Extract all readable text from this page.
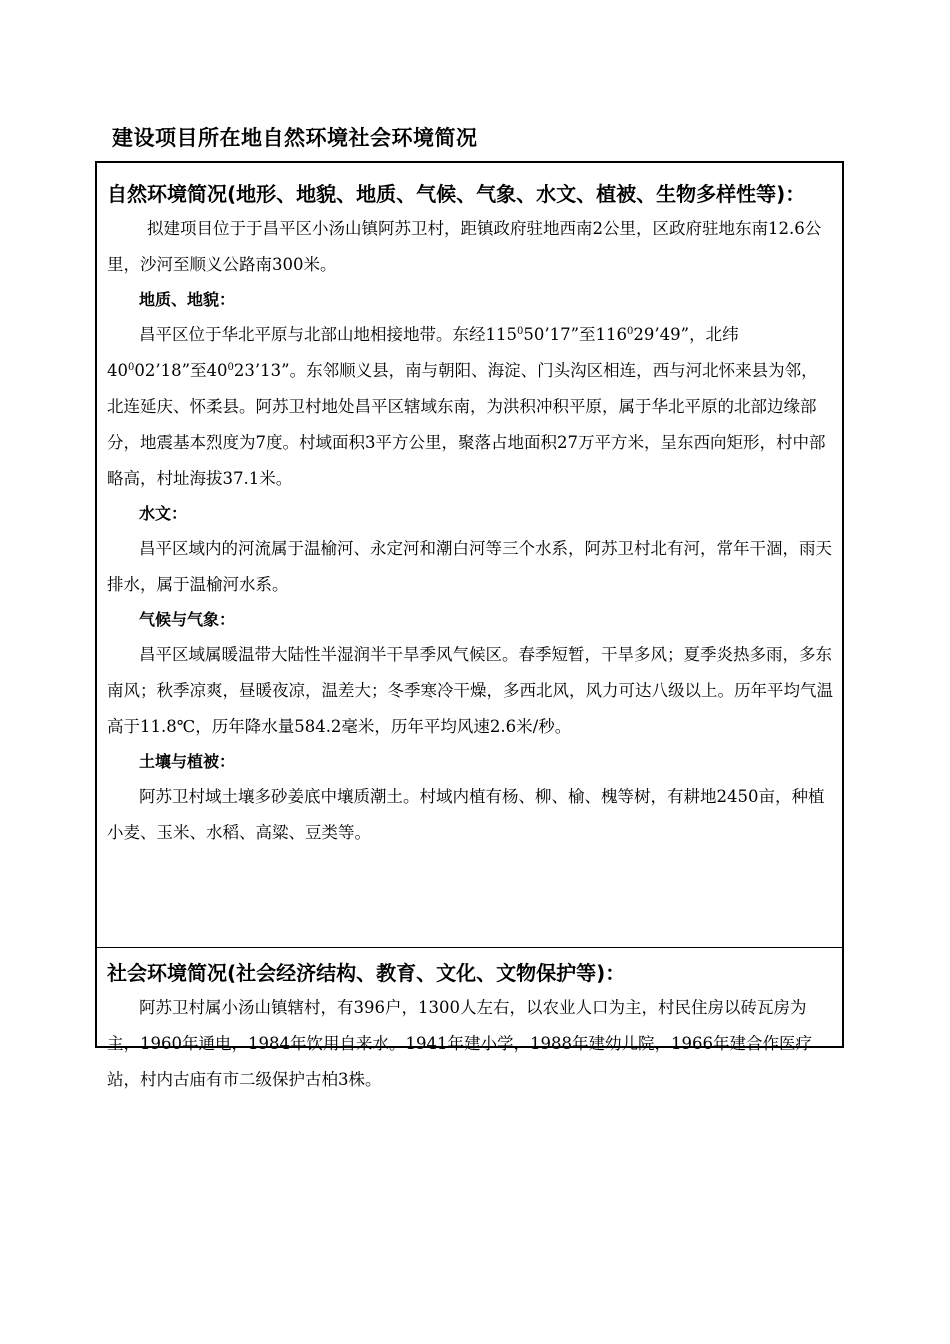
建设项目所在地自然环境社会环境简况

自然环境简况(地形、地貌、地质、气候、气象、水文、植被、生物多样性等)：

拟建项目位于于昌平区小汤山镇阿苏卫村，距镇政府驻地西南2公里，区政府驻地东南12.6公里，沙河至顺义公路南300米。

地质、地貌：

昌平区位于华北平原与北部山地相接地带。东经$115^050’17$”至$116^029’49$”，北纬$40^002’18$”至$40^023’13$”。东邻顺义县，南与朝阳、海淀、门头沟区相连，西与河北怀来县为邻，北连延庆、怀柔县。阿苏卫村地处昌平区辖域东南，为洪积冲积平原，属于华北平原的北部边缘部分，地震基本烈度为7度。村域面积3平方公里，聚落占地面积27万平方米，呈东西向矩形，村中部略高，村址海拔37.1米。

水文：

昌平区域内的河流属于温榆河、永定河和潮白河等三个水系，阿苏卫村北有河，常年干涸，雨天排水，属于温榆河水系。

气候与气象：

昌平区域属暖温带大陆性半湿润半干旱季风气候区。春季短暂，干旱多风；夏季炎热多雨，多东南风；秋季凉爽，昼暖夜凉，温差大；冬季寒冷干燥，多西北风，风力可达八级以上。历年平均气温高于11.8℃，历年降水量584.2毫米，历年平均风速2.6米/秒。

土壤与植被：

阿苏卫村域土壤多砂姜底中壤质潮土。村域内植有杨、柳、榆、槐等树，有耕地2450亩，种植小麦、玉米、水稻、高粱、豆类等。

社会环境简况(社会经济结构、教育、文化、文物保护等)：

阿苏卫村属小汤山镇辖村，有396户，1300人左右，以农业人口为主，村民住房以砖瓦房为主，1960年通电，1984年饮用自来水。1941年建小学，1988年建幼儿院，1966年建合作医疗站，村内古庙有市二级保护古柏3株。
